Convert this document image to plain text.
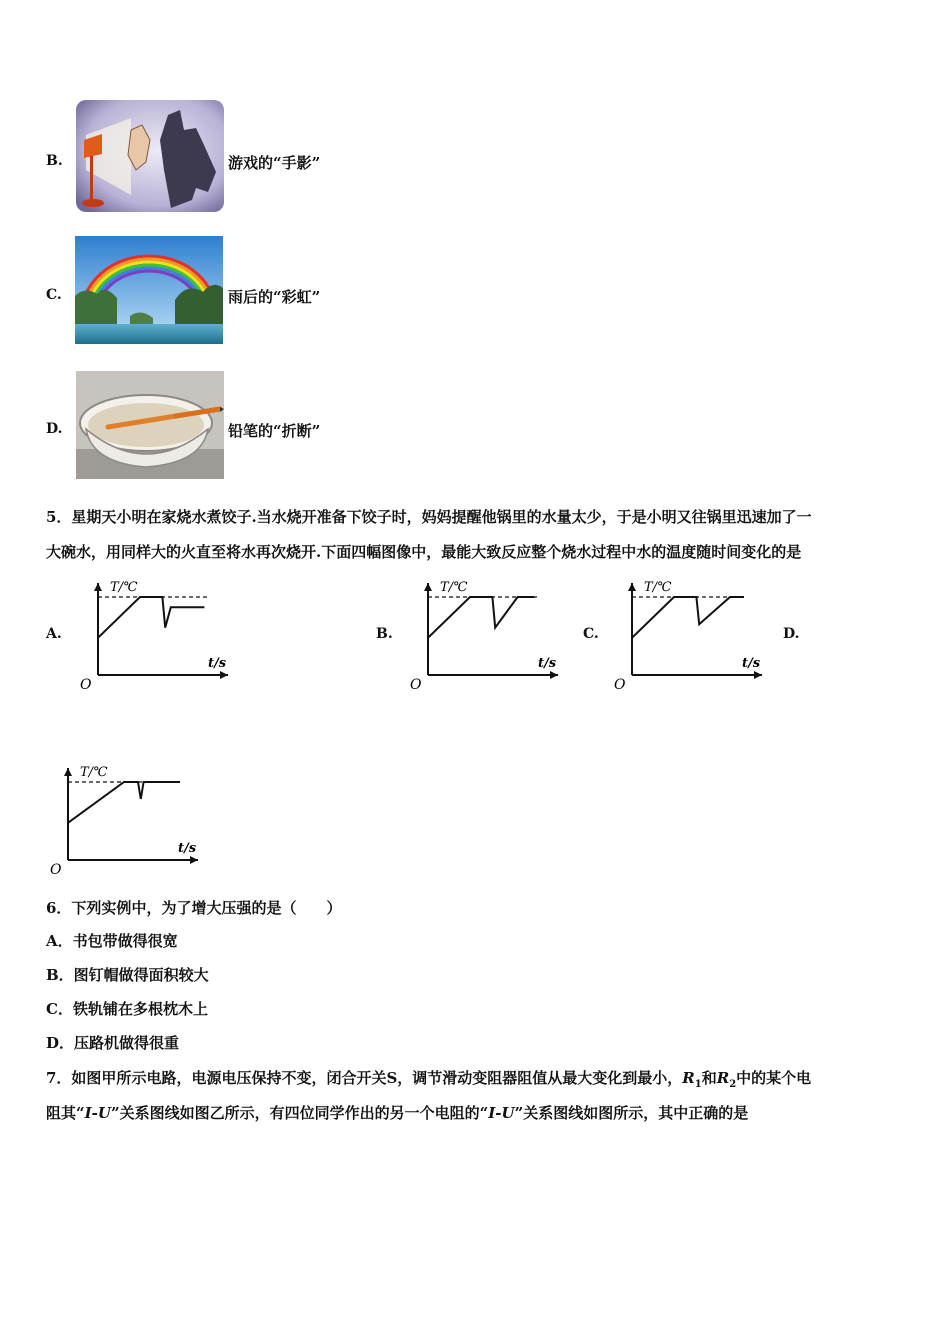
B.	游戏的“手影”
C.	雨后的“彩虹”
D.	铅笔的“折断”
5．星期天小明在家烧水煮饺子.当水烧开准备下饺子时，妈妈提醒他锅里的水量太少，于是小明又往锅里迅速加了一
大碗水，用同样大的火直至将水再次烧开.下面四幅图像中，最能大致反应整个烧水过程中水的温度随时间变化的是
A.	B.	C.	D.
T/℃
t/s
O
T/℃
t/s
O
T/℃
t/s
O
T/℃
t/s
O
6．下列实例中，为了增大压强的是（　　）
A．书包带做得很宽
B．图钉帽做得面积较大
C．铁轨铺在多根枕木上
D．压路机做得很重
7．如图甲所示电路，电源电压保持不变，闭合开关S，调节滑动变阻器阻值从最大变化到最小，$R_1$和$R_2$中的某个电
阻其“I-U”关系图线如图乙所示，有四位同学作出的另一个电阻的“I-U”关系图线如图所示，其中正确的是
